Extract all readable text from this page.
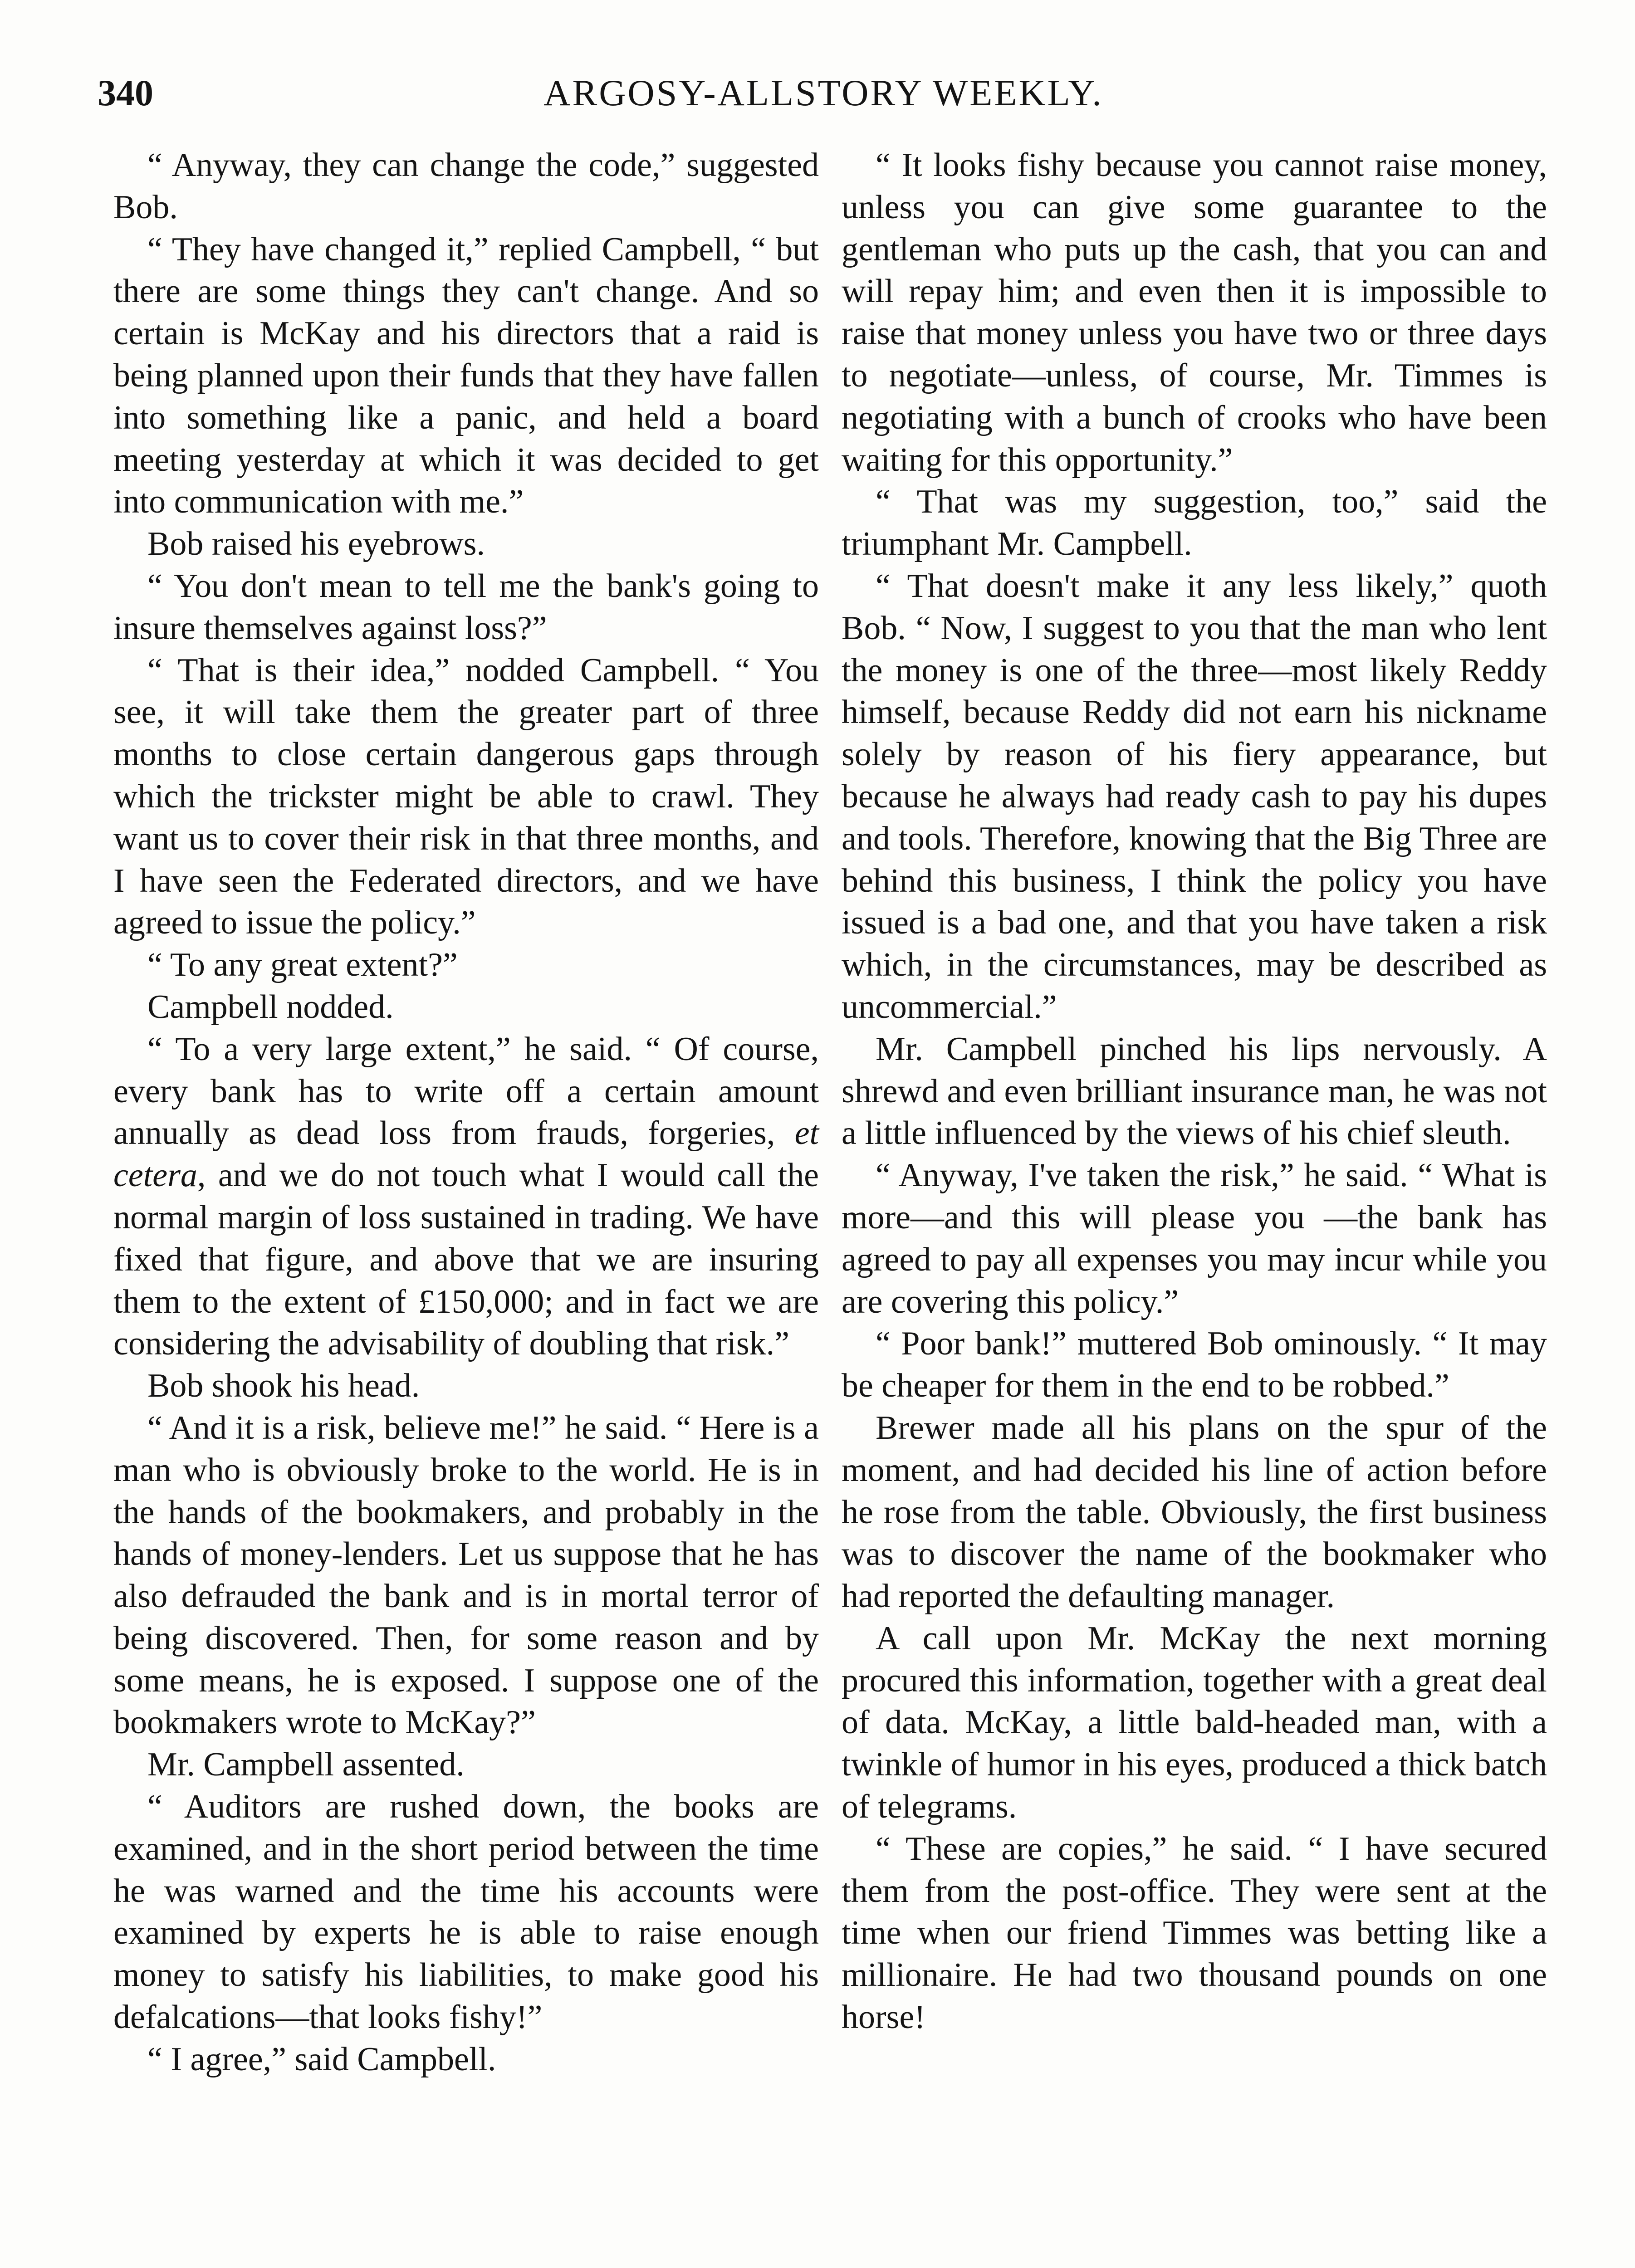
340	ARGOSY-ALLSTORY WEEKLY.

“ Anyway, they can change the code,” suggested Bob.

“ They have changed it,” replied Campbell, “ but there are some things they can't change. And so certain is McKay and his directors that a raid is being planned upon their funds that they have fallen into something like a panic, and held a board meeting yesterday at which it was decided to get into communication with me.”

Bob raised his eyebrows.

“ You don't mean to tell me the bank's going to insure themselves against loss?”

“ That is their idea,” nodded Campbell. “ You see, it will take them the greater part of three months to close certain dangerous gaps through which the trickster might be able to crawl. They want us to cover their risk in that three months, and I have seen the Federated directors, and we have agreed to issue the policy.”

“ To any great extent?”

Campbell nodded.

“ To a very large extent,” he said. “ Of course, every bank has to write off a certain amount annually as dead loss from frauds, forgeries, et cetera, and we do not touch what I would call the normal margin of loss sustained in trading. We have fixed that figure, and above that we are insuring them to the extent of £150,000; and in fact we are considering the advisability of doubling that risk.”

Bob shook his head.

“ And it is a risk, believe me!” he said. “ Here is a man who is obviously broke to the world. He is in the hands of the bookmakers, and probably in the hands of money-lenders. Let us suppose that he has also defrauded the bank and is in mortal terror of being discovered. Then, for some reason and by some means, he is exposed. I suppose one of the bookmakers wrote to McKay?”

Mr. Campbell assented.

“ Auditors are rushed down, the books are examined, and in the short period between the time he was warned and the time his accounts were examined by experts he is able to raise enough money to satisfy his liabilities, to make good his defalcations—that looks fishy!”

“ I agree,” said Campbell.

“ It looks fishy because you cannot raise money, unless you can give some guarantee to the gentleman who puts up the cash, that you can and will repay him; and even then it is impossible to raise that money unless you have two or three days to negotiate—unless, of course, Mr. Timmes is negotiating with a bunch of crooks who have been waiting for this opportunity.”

“ That was my suggestion, too,” said the triumphant Mr. Campbell.

“ That doesn't make it any less likely,” quoth Bob. “ Now, I suggest to you that the man who lent the money is one of the three—most likely Reddy himself, because Reddy did not earn his nickname solely by reason of his fiery appearance, but because he always had ready cash to pay his dupes and tools. Therefore, knowing that the Big Three are behind this business, I think the policy you have issued is a bad one, and that you have taken a risk which, in the circumstances, may be described as uncommercial.”

Mr. Campbell pinched his lips nervously. A shrewd and even brilliant insurance man, he was not a little influenced by the views of his chief sleuth.

“ Anyway, I've taken the risk,” he said. “ What is more—and this will please you —the bank has agreed to pay all expenses you may incur while you are covering this policy.”

“ Poor bank!” muttered Bob ominously. “ It may be cheaper for them in the end to be robbed.”

Brewer made all his plans on the spur of the moment, and had decided his line of action before he rose from the table. Obviously, the first business was to discover the name of the bookmaker who had reported the defaulting manager.

A call upon Mr. McKay the next morning procured this information, together with a great deal of data. McKay, a little bald-headed man, with a twinkle of humor in his eyes, produced a thick batch of telegrams.

“ These are copies,” he said. “ I have secured them from the post-office. They were sent at the time when our friend Timmes was betting like a millionaire. He had two thousand pounds on one horse!
